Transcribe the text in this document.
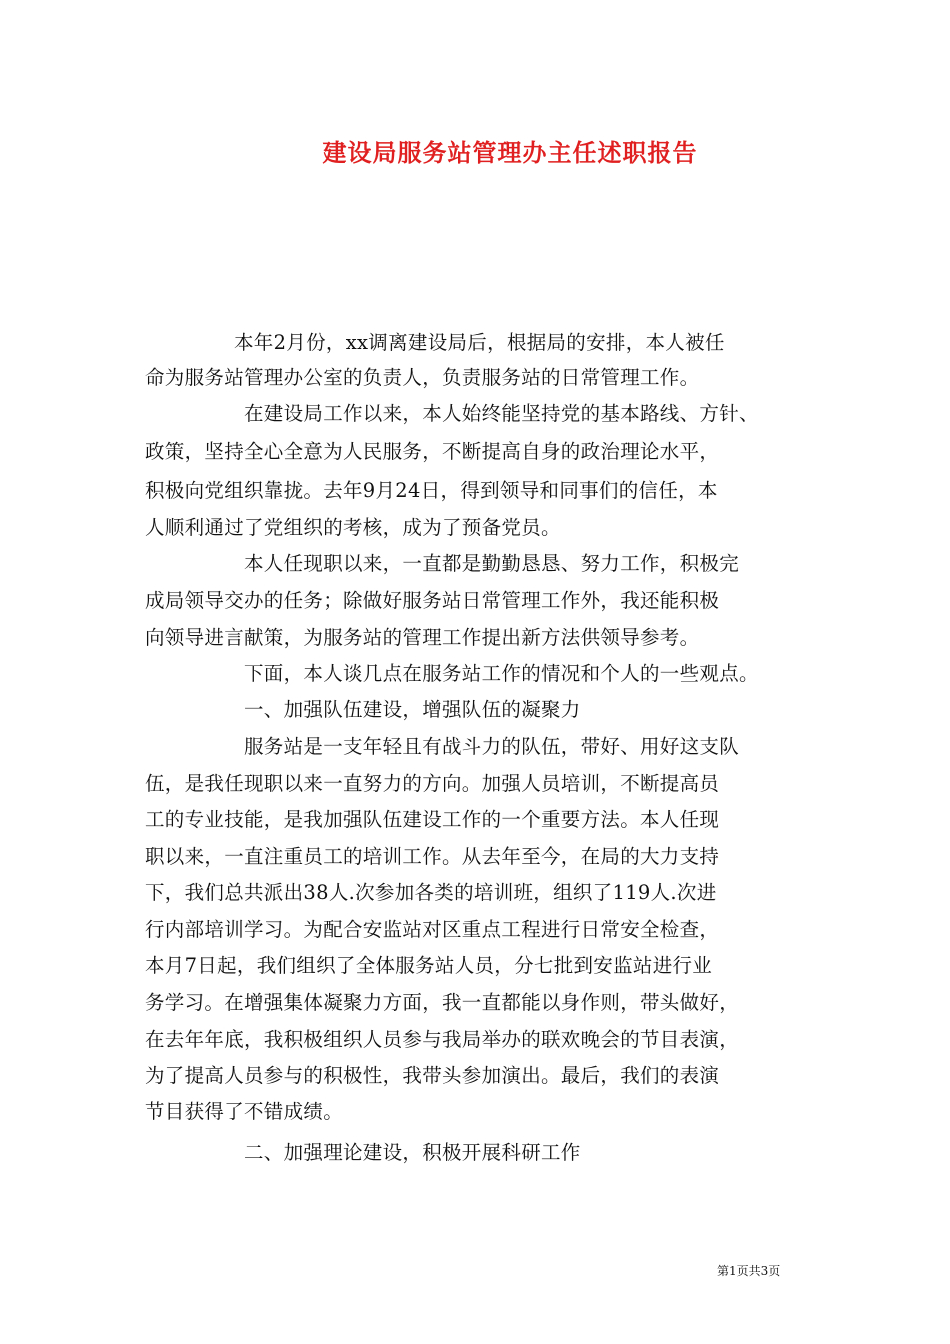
建设局服务站管理办主任述职报告
本年2月份，xx调离建设局后，根据局的安排，本人被任
命为服务站管理办公室的负责人，负责服务站的日常管理工作。
在建设局工作以来，本人始终能坚持党的基本路线、方针、
政策，坚持全心全意为人民服务，不断提高自身的政治理论水平，
积极向党组织靠拢。去年9月24日，得到领导和同事们的信任，本
人顺利通过了党组织的考核，成为了预备党员。
本人任现职以来，一直都是勤勤恳恳、努力工作，积极完
成局领导交办的任务；除做好服务站日常管理工作外，我还能积极
向领导进言献策，为服务站的管理工作提出新方法供领导参考。
下面，本人谈几点在服务站工作的情况和个人的一些观点。
一、加强队伍建设，增强队伍的凝聚力
服务站是一支年轻且有战斗力的队伍，带好、用好这支队
伍，是我任现职以来一直努力的方向。加强人员培训，不断提高员
工的专业技能，是我加强队伍建设工作的一个重要方法。本人任现
职以来，一直注重员工的培训工作。从去年至今，在局的大力支持
下，我们总共派出38人.次参加各类的培训班，组织了119人.次进
行内部培训学习。为配合安监站对区重点工程进行日常安全检查，
本月7日起，我们组织了全体服务站人员，分七批到安监站进行业
务学习。在增强集体凝聚力方面，我一直都能以身作则，带头做好，
在去年年底，我积极组织人员参与我局举办的联欢晚会的节目表演，
为了提高人员参与的积极性，我带头参加演出。最后，我们的表演
节目获得了不错成绩。
二、加强理论建设，积极开展科研工作
第1页共3页
